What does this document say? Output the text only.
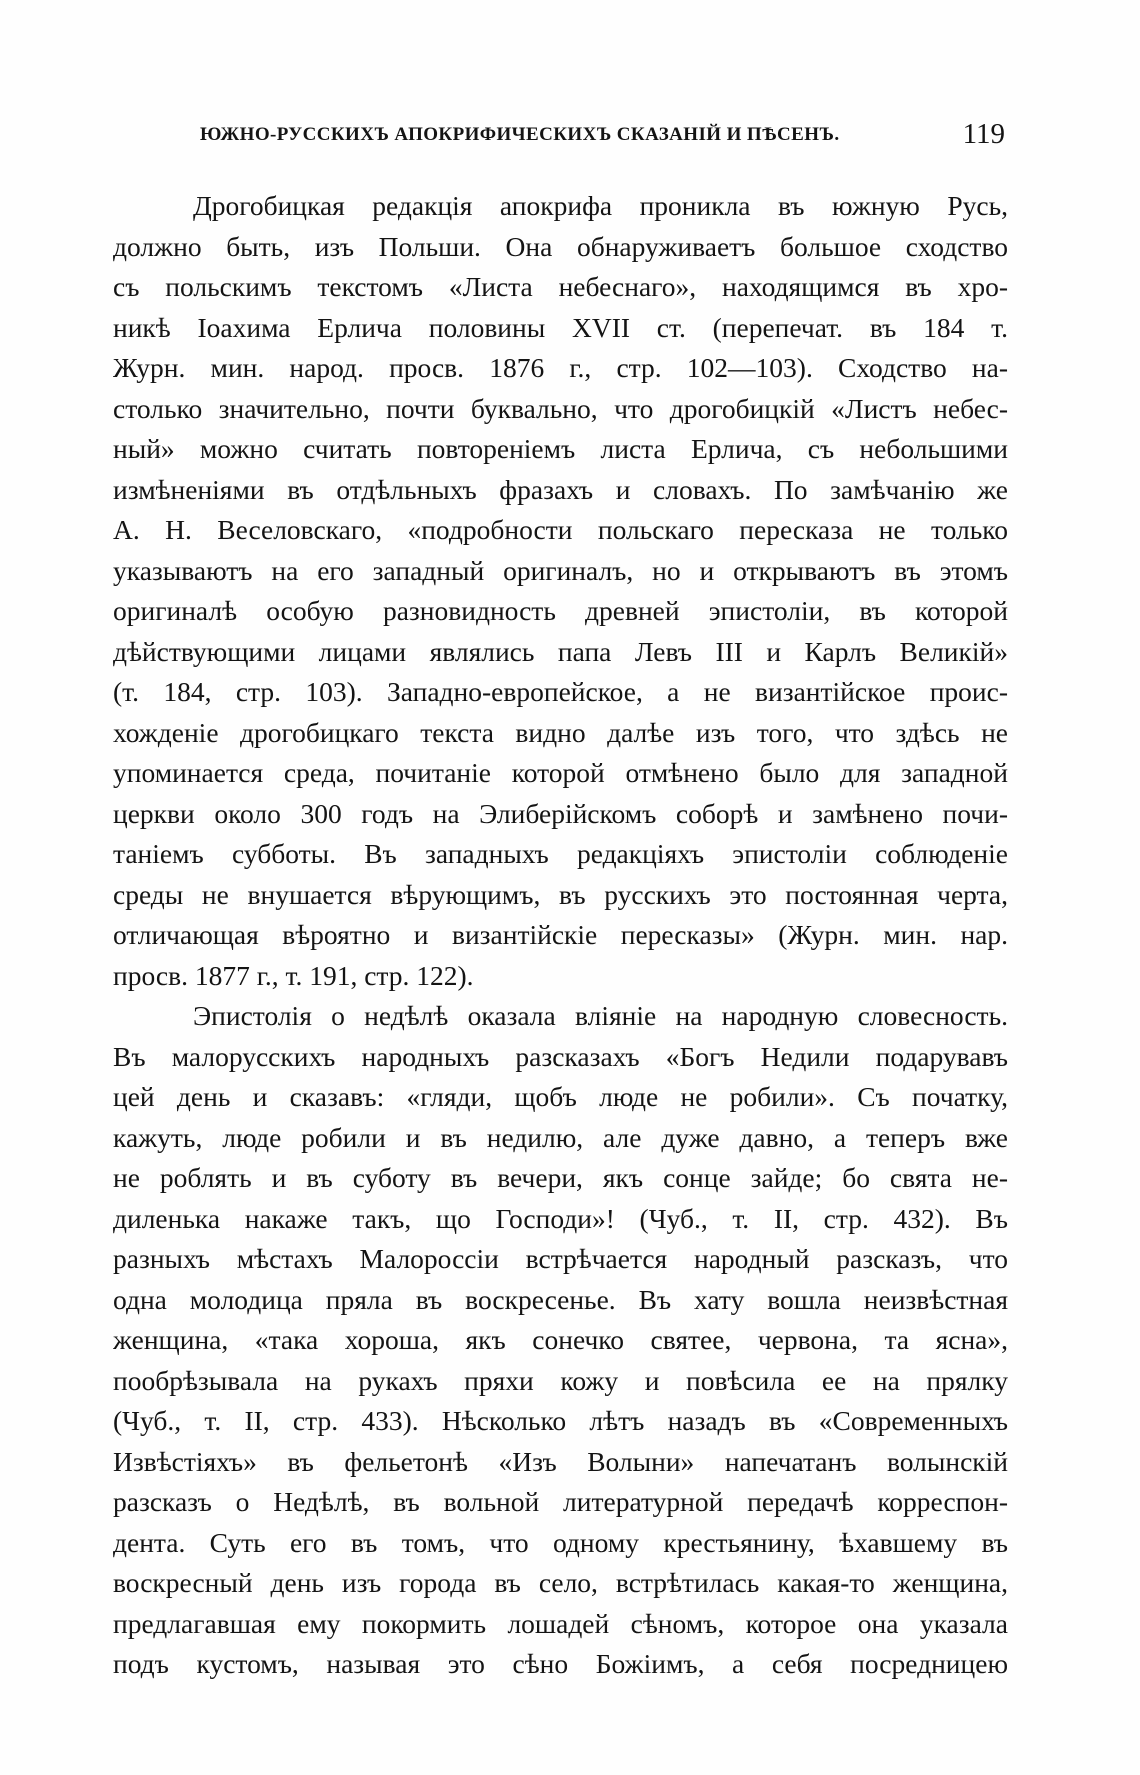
ЮЖНО-РУССКИХЪ АПОКРИФИЧЕСКИХЪ СКАЗАНІЙ И ПѢСЕНЪ.	119
Дрогобицкая редакція апокрифа проникла въ южную Русь,
должно быть, изъ Польши. Она обнаруживаетъ большое сходство
съ польскимъ текстомъ «Листа небеснаго», находящимся въ хро-
никѣ Іоахима Ерлича половины XVII ст. (перепечат. въ 184 т.
Журн. мин. народ. просв. 1876 г., стр. 102—103). Сходство на-
столько значительно, почти буквально, что дрогобицкій «Листъ небес-
ный» можно считать повтореніемъ листа Ерлича, съ небольшими
измѣненіями въ отдѣльныхъ фразахъ и словахъ. По замѣчанію же
А. Н. Веселовскаго, «подробности польскаго пересказа не только
указываютъ на его западный оригиналъ, но и открываютъ въ этомъ
оригиналѣ особую разновидность древней эпистоліи, въ которой
дѣйствующими лицами являлись папа Левъ III и Карлъ Великій»
(т. 184, стр. 103). Западно-европейское, а не византійское проис-
хожденіе дрогобицкаго текста видно далѣе изъ того, что здѣсь не
упоминается среда, почитаніе которой отмѣнено было для западной
церкви около 300 годъ на Элиберійскомъ соборѣ и замѣнено почи-
таніемъ субботы. Въ западныхъ редакціяхъ эпистоліи соблюденіе
среды не внушается вѣрующимъ, въ русскихъ это постоянная черта,
отличающая вѣроятно и византійскіе пересказы» (Журн. мин. нар.
просв. 1877 г., т. 191, стр. 122).
Эпистолія о недѣлѣ оказала вліяніе на народную словесность.
Въ малорусскихъ народныхъ разсказахъ «Богъ Недили подарувавъ
цей день и сказавъ: «гляди, щобъ люде не робили». Съ початку,
кажуть, люде робили и въ недилю, але дуже давно, а теперъ вже
не роблять и въ суботу въ вечери, якъ сонце зайде; бо свята не-
диленька накаже такъ, що Господи»! (Чуб., т. II, стр. 432). Въ
разныхъ мѣстахъ Малороссіи встрѣчается народный разсказъ, что
одна молодица пряла въ воскресенье. Въ хату вошла неизвѣстная
женщина, «така хороша, якъ сонечко святее, червона, та ясна»,
пообрѣзывала на рукахъ пряхи кожу и повѣсила ее на прялку
(Чуб., т. II, стр. 433). Нѣсколько лѣтъ назадъ въ «Современныхъ
Извѣстіяхъ» въ фельетонѣ «Изъ Волыни» напечатанъ волынскій
разсказъ о Недѣлѣ, въ вольной литературной передачѣ корреспон-
дента. Суть его въ томъ, что одному крестьянину, ѣхавшему въ
воскресный день изъ города въ село, встрѣтилась какая-то женщина,
предлагавшая ему покормить лошадей сѣномъ, которое она указала
подъ кустомъ, называя это сѣно Божіимъ, а себя посредницею
